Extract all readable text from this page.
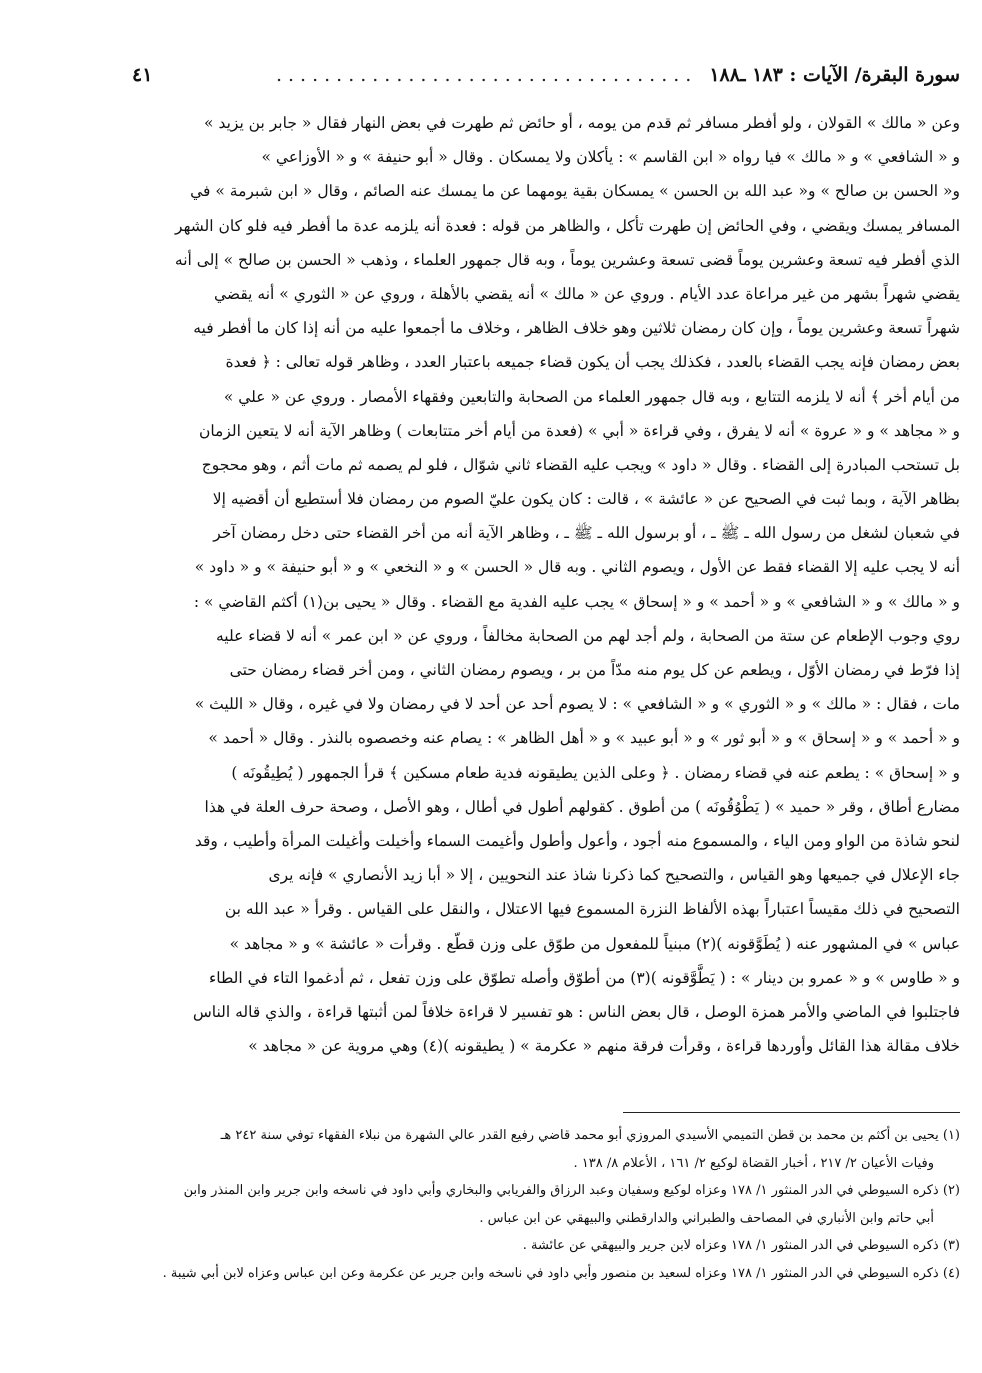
سورة البقرة/ الآيات : ١٨٣ ـ١٨٨
...................................
٤١
وعن « مالك » القولان ، ولو أفطر مسافر ثم قدم من يومه ، أو حائض ثم طهرت في بعض النهار فقال « جابر بن يزيد »
و « الشافعي » و « مالك » فيا رواه « ابن القاسم » : يأكلان ولا يمسكان . وقال « أبو حنيفة » و « الأوزاعي »
و« الحسن بن صالح » و« عبد الله بن الحسن » يمسكان بقية يومهما عن ما يمسك عنه الصائم ، وقال « ابن شبرمة » في
المسافر يمسك ويقضي ، وفي الحائض إن طهرت تأكل ، والظاهر من قوله : فعدة أنه يلزمه عدة ما أفطر فيه فلو كان الشهر
الذي أفطر فيه تسعة وعشرين يوماً قضى تسعة وعشرين يوماً ، وبه قال جمهور العلماء ، وذهب « الحسن بن صالح » إلى أنه
يقضي شهراً بشهر من غير مراعاة عدد الأيام . وروي عن « مالك » أنه يقضي بالأهلة ، وروي عن « الثوري » أنه يقضي
شهراً تسعة وعشرين يوماً ، وإن كان رمضان ثلاثين وهو خلاف الظاهر ، وخلاف ما أجمعوا عليه من أنه إذا كان ما أفطر فيه
بعض رمضان فإنه يجب القضاء بالعدد ، فكذلك يجب أن يكون قضاء جميعه باعتبار العدد ، وظاهر قوله تعالى : ﴿ فعدة
من أيام أخر ﴾ أنه لا يلزمه التتابع ، وبه قال جمهور العلماء من الصحابة والتابعين وفقهاء الأمصار . وروي عن « علي »
و « مجاهد » و « عروة » أنه لا يفرق ، وفي قراءة « أبي » (فعدة من أيام أخر متتابعات ) وظاهر الآية أنه لا يتعين الزمان
بل تستحب المبادرة إلى القضاء . وقال « داود » ويجب عليه القضاء ثاني شوّال ، فلو لم يصمه ثم مات أثم ، وهو محجوج
بظاهر الآية ، وبما ثبت في الصحيح عن « عائشة » ، قالت : كان يكون عليّ الصوم من رمضان فلا أستطيع أن أقضيه إلا
في شعبان لشغل من رسول الله ـ ﷺ ـ ، أو برسول الله ـ ﷺ ـ ، وظاهر الآية أنه من أخر القضاء حتى دخل رمضان آخر
أنه لا يجب عليه إلا القضاء فقط عن الأول ، ويصوم الثاني . وبه قال « الحسن » و « النخعي » و « أبو حنيفة » و « داود »
و « مالك » و « الشافعي » و « أحمد » و « إسحاق » يجب عليه الفدية مع القضاء . وقال « يحيى بن(١) أكثم القاضي » :
روي وجوب الإطعام عن ستة من الصحابة ، ولم أجد لهم من الصحابة مخالفاً ، وروي عن « ابن عمر » أنه لا قضاء عليه
إذا فرّط في رمضان الأوّل ، ويطعم عن كل يوم منه مدّاً من بر ، ويصوم رمضان الثاني ، ومن أخر قضاء رمضان حتى
مات ، فقال : « مالك » و « الثوري » و « الشافعي » : لا يصوم أحد عن أحد لا في رمضان ولا في غيره ، وقال « الليث »
و « أحمد » و « إسحاق » و « أبو ثور » و « أبو عبيد » و « أهل الظاهر » : يصام عنه وخصصوه بالنذر . وقال « أحمد »
و « إسحاق » : يطعم عنه في قضاء رمضان . ﴿ وعلى الذين يطيقونه فدية طعام مسكين ﴾ قرأ الجمهور ( يُطِيقُونَه )
مضارع أطاق ، وقر « حميد » ( يَطْوُقُونَه ) من أطوق . كقولهم أطول في أطال ، وهو الأصل ، وصحة حرف العلة في هذا
لنحو شاذة من الواو ومن الياء ، والمسموع منه أجود ، وأعول وأطول وأغيمت السماء وأخيلت وأغيلت المرأة وأطيب ، وقد
جاء الإعلال في جميعها وهو القياس ، والتصحيح كما ذكرنا شاذ عند النحويين ، إلا « أبا زيد الأنصاري » فإنه يرى
التصحيح في ذلك مقيساً اعتباراً بهذه الألفاظ النزرة المسموع فيها الاعتلال ، والنقل على القياس . وقرأ « عبد الله بن
عباس » في المشهور عنه ( يُطَوَّقونه )(٢) مبنياً للمفعول من طوّق على وزن قطّع . وقرأت « عائشة » و « مجاهد »
و « طاوس » و « عمرو بن دينار » : ( يَطَّوَّقونه )(٣) من أطوّق وأصله تطوّق على وزن تفعل ، ثم أدغموا التاء في الطاء
فاجتلبوا في الماضي والأمر همزة الوصل ، قال بعض الناس : هو تفسير لا قراءة خلافاً لمن أثبتها قراءة ، والذي قاله الناس
خلاف مقالة هذا القائل وأوردها قراءة ، وقرأت فرقة منهم « عكرمة » ( يطيقونه )(٤) وهي مروية عن « مجاهد »
(١) يحيى بن أكثم بن محمد بن قطن التميمي الأسيدي المروزي أبو محمد قاضي رفيع القدر عالي الشهرة من نبلاء الفقهاء توفي سنة ٢٤٢ هـ
وفيات الأعيان ٢/ ٢١٧ ، أخبار القضاة لوكيع ٢/ ١٦١ ، الأعلام ٨/ ١٣٨ .
(٢) ذكره السيوطي في الدر المنثور ١/ ١٧٨ وعزاه لوكيع وسفيان وعبد الرزاق والفريابي والبخاري وأبي داود في ناسخه وابن جرير وابن المنذر وابن
أبي حاتم وابن الأنباري في المصاحف والطبراني والدارقطني والبيهقي عن ابن عباس .
(٣) ذكره السيوطي في الدر المنثور ١/ ١٧٨ وعزاه لابن جرير والبيهقي عن عائشة .
(٤) ذكره السيوطي في الدر المنثور ١/ ١٧٨ وعزاه لسعيد بن منصور وأبي داود في ناسخه وابن جرير عن عكرمة وعن ابن عباس وعزاه لابن أبي شيبة .
